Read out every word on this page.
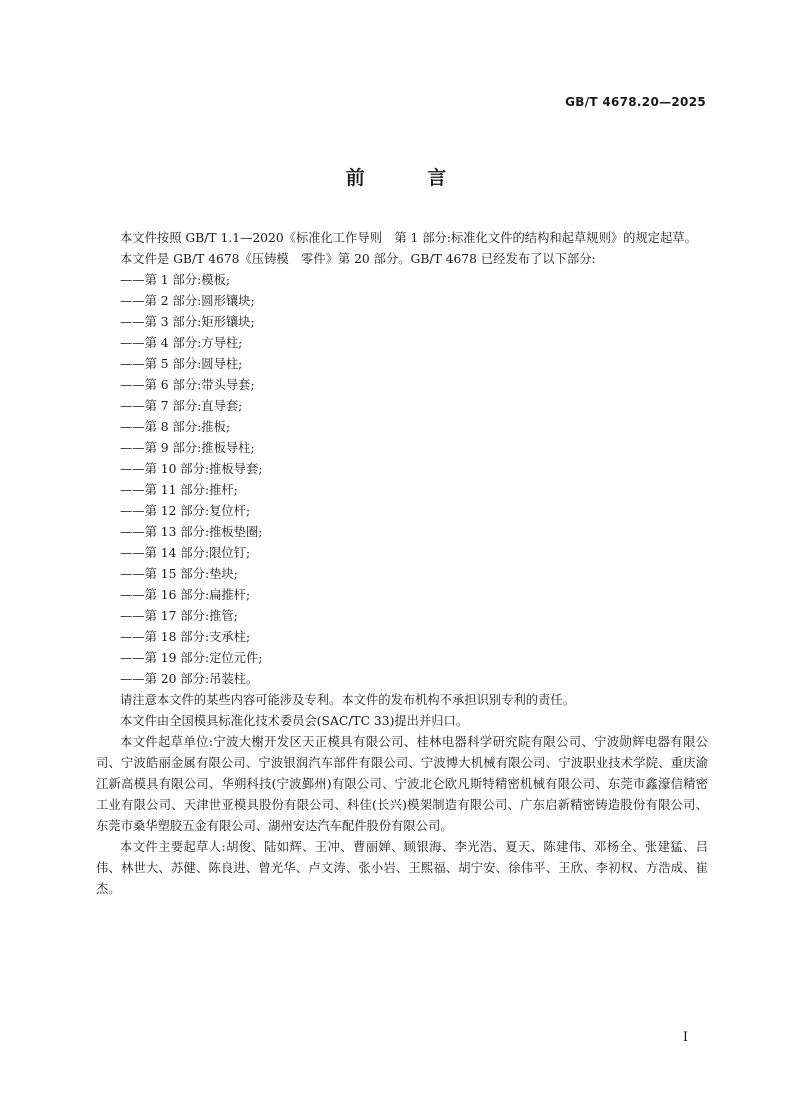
GB/T 4678.20—2025
前 言

本文件按照 GB/T 1.1—2020《标准化工作导则　第 1 部分:标准化文件的结构和起草规则》的规定起草。

本文件是 GB/T 4678《压铸模　零件》第 20 部分。GB/T 4678 已经发布了以下部分:

——第 1 部分:模板;
——第 2 部分:圆形镶块;
——第 3 部分:矩形镶块;
——第 4 部分:方导柱;
——第 5 部分:圆导柱;
——第 6 部分:带头导套;
——第 7 部分:直导套;
——第 8 部分:推板;
——第 9 部分:推板导柱;
——第 10 部分:推板导套;
——第 11 部分:推杆;
——第 12 部分:复位杆;
——第 13 部分:推板垫圈;
——第 14 部分:限位钉;
——第 15 部分:垫块;
——第 16 部分:扁推杆;
——第 17 部分:推管;
——第 18 部分:支承柱;
——第 19 部分:定位元件;
——第 20 部分:吊装柱。

请注意本文件的某些内容可能涉及专利。本文件的发布机构不承担识别专利的责任。

本文件由全国模具标准化技术委员会(SAC/TC 33)提出并归口。

本文件起草单位:宁波大榭开发区天正模具有限公司、桂林电器科学研究院有限公司、宁波勋辉电器有限公司、宁波皓丽金属有限公司、宁波银润汽车部件有限公司、宁波博大机械有限公司、宁波职业技术学院、重庆渝江新高模具有限公司、华朔科技(宁波鄞州)有限公司、宁波北仑欧凡斯特精密机械有限公司、东莞市鑫濠信精密工业有限公司、天津世亚模具股份有限公司、科佳(长兴)模架制造有限公司、广东启新精密铸造股份有限公司、东莞市桑华塑胶五金有限公司、湖州安达汽车配件股份有限公司。

本文件主要起草人:胡俊、陆如辉、王冲、曹丽婵、顾银海、李光浩、夏天、陈建伟、邓杨全、张建猛、吕伟、林世大、苏健、陈良进、曾光华、卢文涛、张小岩、王熙福、胡宁安、徐伟平、王欣、李初权、方浩成、崔杰。

I
